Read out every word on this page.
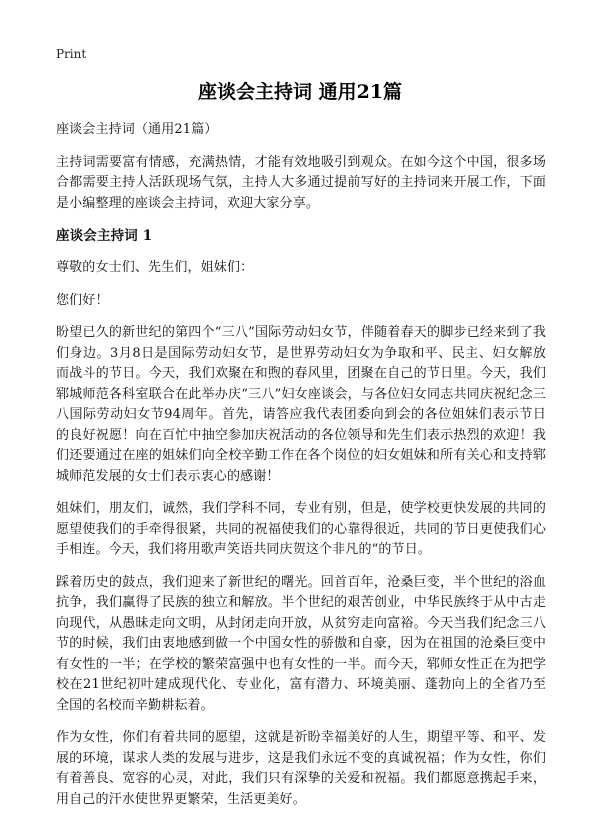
Print
座谈会主持词 通用21篇

座谈会主持词（通用21篇）

主持词需要富有情感，充满热情，才能有效地吸引到观众。在如今这个中国，很多场合都需要主持人活跃现场气氛，主持人大多通过提前写好的主持词来开展工作，下面是小编整理的座谈会主持词，欢迎大家分享。

座谈会主持词 1

尊敬的女士们、先生们，姐妹们：

您们好！

盼望已久的新世纪的第四个“三八”国际劳动妇女节，伴随着春天的脚步已经来到了我们身边。3月8日是国际劳动妇女节，是世界劳动妇女为争取和平、民主、妇女解放而战斗的节日。今天，我们欢聚在和煦的春风里，团聚在自己的节日里。今天，我们郓城师范各科室联合在此举办庆“三八”妇女座谈会，与各位妇女同志共同庆祝纪念三八国际劳动妇女节94周年。首先，请答应我代表团委向到会的各位姐妹们表示节日的良好祝愿！向在百忙中抽空参加庆祝活动的各位领导和先生们表示热烈的欢迎！我们还要通过在座的姐妹们向全校辛勤工作在各个岗位的妇女姐妹和所有关心和支持郓城师范发展的女士们表示衷心的感谢！

姐妹们，朋友们，诚然，我们学科不同，专业有别，但是，使学校更快发展的共同的愿望使我们的手牵得很紧，共同的祝福使我们的心靠得很近，共同的节日更使我们心手相连。今天，我们将用歌声笑语共同庆贺这个非凡的“的节日。

踩着历史的鼓点，我们迎来了新世纪的曙光。回首百年，沧桑巨变，半个世纪的浴血抗争，我们赢得了民族的独立和解放。半个世纪的艰苦创业，中华民族终于从中古走向现代，从愚昧走向文明，从封闭走向开放，从贫穷走向富裕。今天当我们纪念三八节的时候，我们由衷地感到做一个中国女性的骄傲和自豪，因为在祖国的沧桑巨变中有女性的一半；在学校的繁荣富强中也有女性的一半。而今天，郓师女性正在为把学校在21世纪初叶建成现代化、专业化，富有潜力、环境美丽、蓬勃向上的全省乃至全国的名校而辛勤耕耘着。

作为女性，你们有着共同的愿望，这就是祈盼幸福美好的人生，期望平等、和平、发展的环境，谋求人类的发展与进步，这是我们永远不变的真诚祝福；作为女性，你们有着善良、宽容的心灵，对此，我们只有深挚的关爱和祝福。我们都愿意携起手来，用自己的汗水使世界更繁荣，生活更美好。
